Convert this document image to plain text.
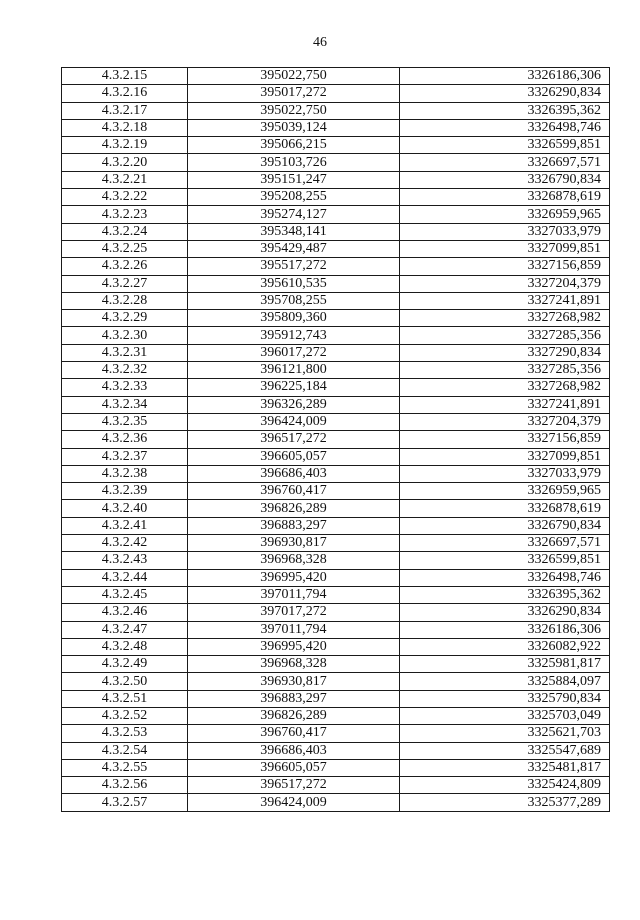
46
4.3.2.15	395022,750	3326186,306
4.3.2.16	395017,272	3326290,834
4.3.2.17	395022,750	3326395,362
4.3.2.18	395039,124	3326498,746
4.3.2.19	395066,215	3326599,851
4.3.2.20	395103,726	3326697,571
4.3.2.21	395151,247	3326790,834
4.3.2.22	395208,255	3326878,619
4.3.2.23	395274,127	3326959,965
4.3.2.24	395348,141	3327033,979
4.3.2.25	395429,487	3327099,851
4.3.2.26	395517,272	3327156,859
4.3.2.27	395610,535	3327204,379
4.3.2.28	395708,255	3327241,891
4.3.2.29	395809,360	3327268,982
4.3.2.30	395912,743	3327285,356
4.3.2.31	396017,272	3327290,834
4.3.2.32	396121,800	3327285,356
4.3.2.33	396225,184	3327268,982
4.3.2.34	396326,289	3327241,891
4.3.2.35	396424,009	3327204,379
4.3.2.36	396517,272	3327156,859
4.3.2.37	396605,057	3327099,851
4.3.2.38	396686,403	3327033,979
4.3.2.39	396760,417	3326959,965
4.3.2.40	396826,289	3326878,619
4.3.2.41	396883,297	3326790,834
4.3.2.42	396930,817	3326697,571
4.3.2.43	396968,328	3326599,851
4.3.2.44	396995,420	3326498,746
4.3.2.45	397011,794	3326395,362
4.3.2.46	397017,272	3326290,834
4.3.2.47	397011,794	3326186,306
4.3.2.48	396995,420	3326082,922
4.3.2.49	396968,328	3325981,817
4.3.2.50	396930,817	3325884,097
4.3.2.51	396883,297	3325790,834
4.3.2.52	396826,289	3325703,049
4.3.2.53	396760,417	3325621,703
4.3.2.54	396686,403	3325547,689
4.3.2.55	396605,057	3325481,817
4.3.2.56	396517,272	3325424,809
4.3.2.57	396424,009	3325377,289
